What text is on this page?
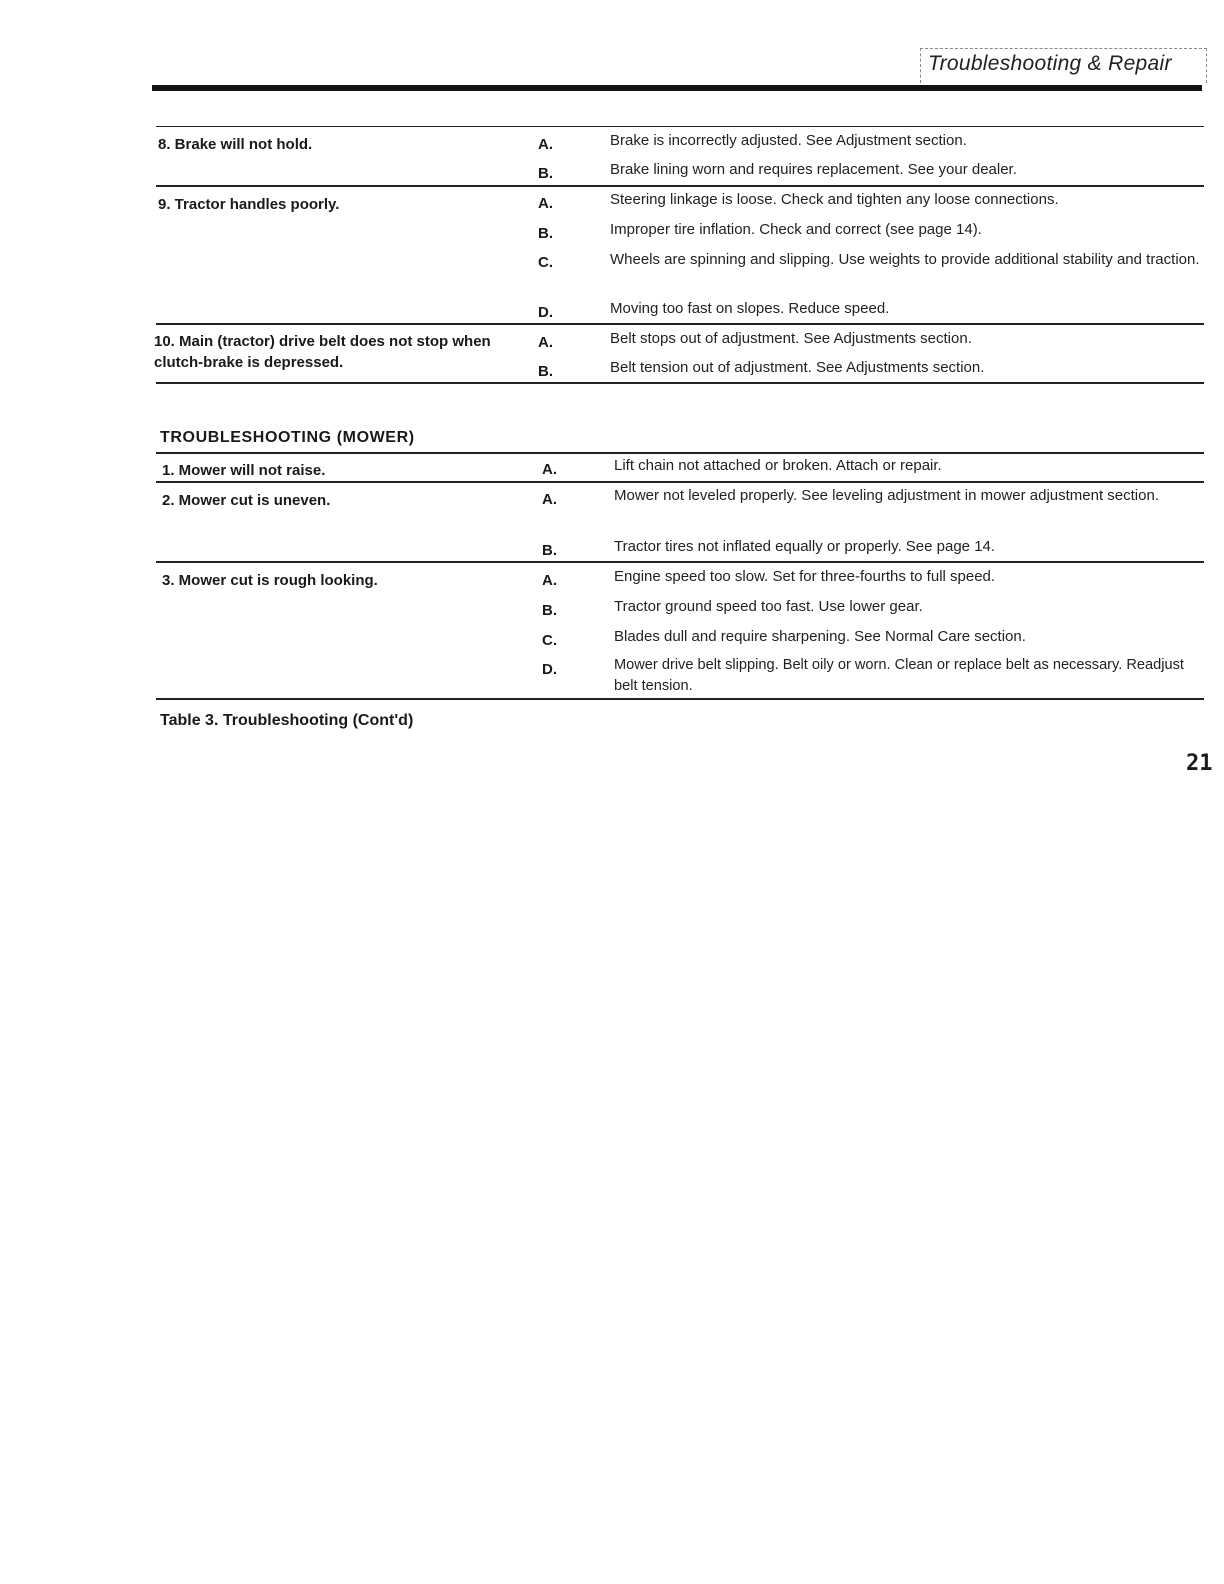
Troubleshooting & Repair
8. Brake will not hold.	A.	Brake is incorrectly adjusted. See Adjustment section.
B.	Brake lining worn and requires replacement. See your dealer.
9. Tractor handles poorly.	A.	Steering linkage is loose. Check and tighten any loose connections.
B.	Improper tire inflation. Check and correct (see page 14).
C.	Wheels are spinning and slipping. Use weights to provide additional stability and traction.
D.	Moving too fast on slopes. Reduce speed.
10. Main (tractor) drive belt does not stop when clutch-brake is depressed.
A.	Belt stops out of adjustment. See Adjustments section.
B.	Belt tension out of adjustment. See Adjustments section.
TROUBLESHOOTING (MOWER)
1. Mower will not raise.	A.	Lift chain not attached or broken. Attach or repair.
2. Mower cut is uneven.	A.	Mower not leveled properly. See leveling adjustment in mower adjustment section.
B.	Tractor tires not inflated equally or properly. See page 14.
3. Mower cut is rough looking.	A.	Engine speed too slow. Set for three-fourths to full speed.
B.	Tractor ground speed too fast. Use lower gear.
C.	Blades dull and require sharpening. See Normal Care section.
D.	Mower drive belt slipping. Belt oily or worn. Clean or replace belt as necessary. Readjust belt tension.
Table 3. Troubleshooting (Cont'd)
21
